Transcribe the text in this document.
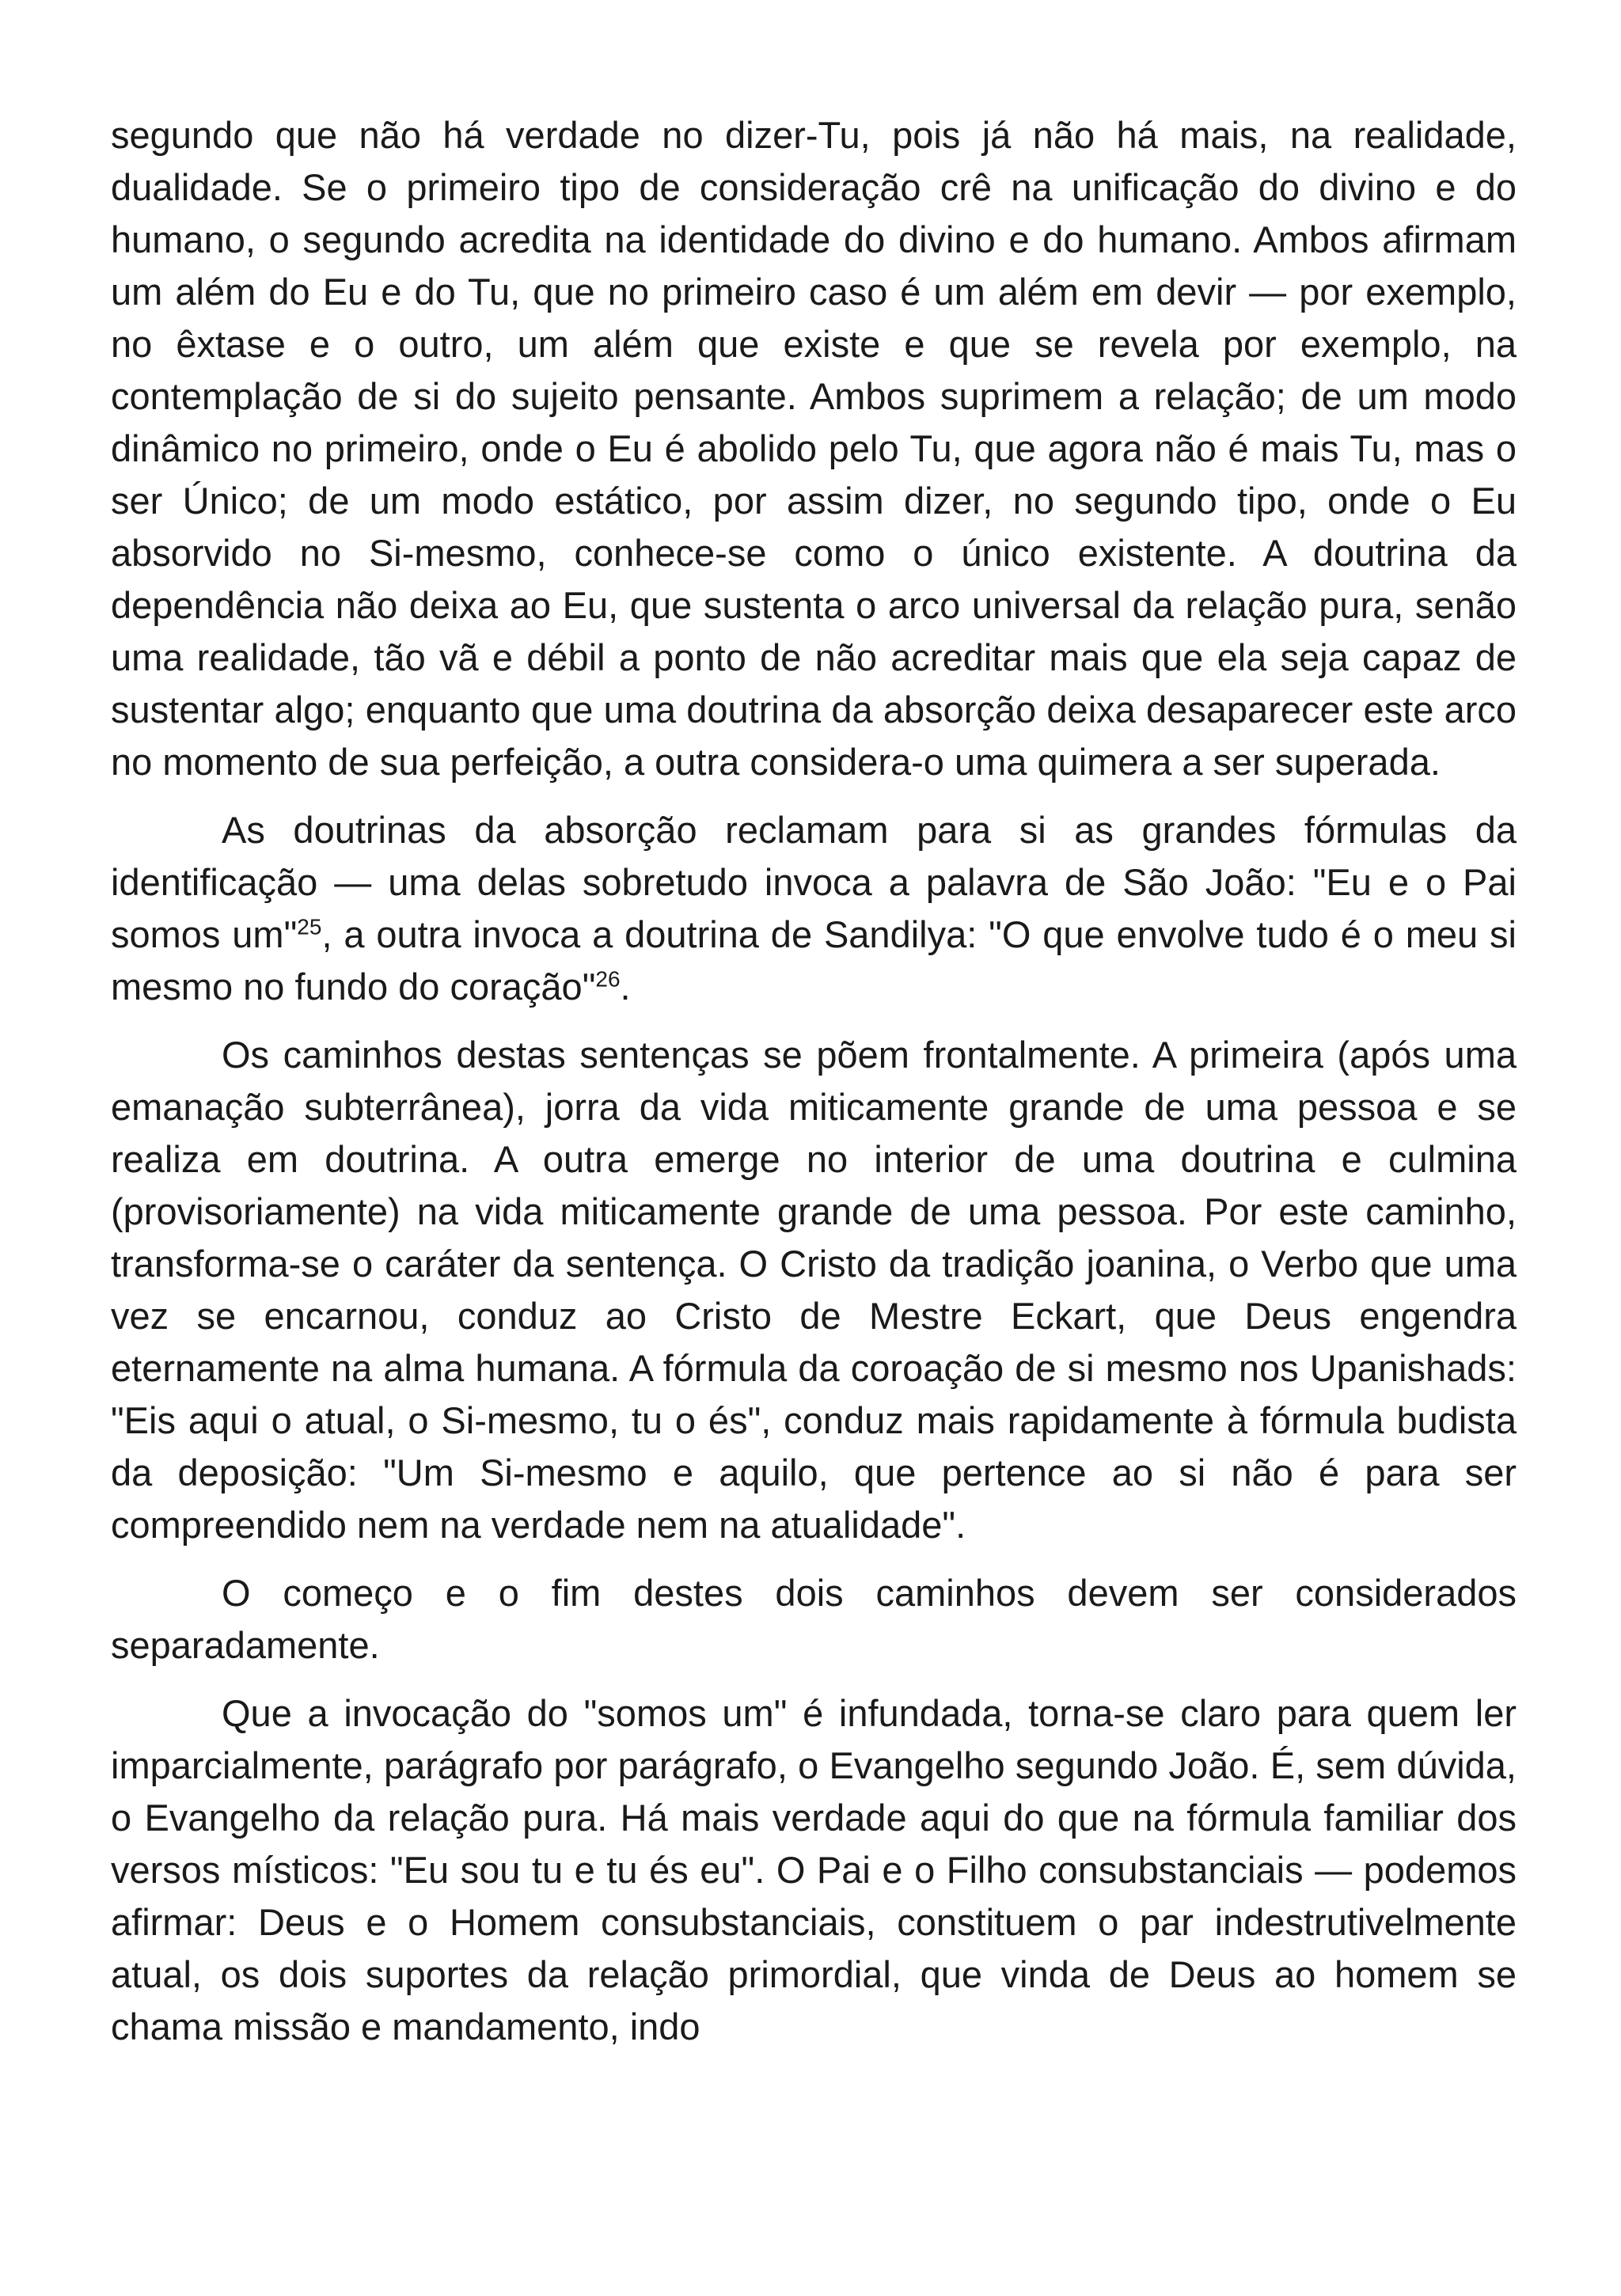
segundo que não há verdade no dizer-Tu, pois já não há mais, na realidade, dualidade. Se o primeiro tipo de consideração crê na unificação do divino e do humano, o segundo acredita na identidade do divino e do humano. Ambos afirmam um além do Eu e do Tu, que no primeiro caso é um além em devir — por exemplo, no êxtase e o outro, um além que existe e que se revela por exemplo, na contemplação de si do sujeito pensante. Ambos suprimem a relação; de um modo dinâmico no primeiro, onde o Eu é abolido pelo Tu, que agora não é mais Tu, mas o ser Único; de um modo estático, por assim dizer, no segundo tipo, onde o Eu absorvido no Si-mesmo, conhece-se como o único existente. A doutrina da dependência não deixa ao Eu, que sustenta o arco universal da relação pura, senão uma realidade, tão vã e débil a ponto de não acreditar mais que ela seja capaz de sustentar algo; enquanto que uma doutrina da absorção deixa desaparecer este arco no momento de sua perfeição, a outra considera-o uma quimera a ser superada.

As doutrinas da absorção reclamam para si as grandes fórmulas da identificação — uma delas sobretudo invoca a palavra de São João: "Eu e o Pai somos um"$^{25}$, a outra invoca a doutrina de Sandilya: "O que envolve tudo é o meu si mesmo no fundo do coração"$^{26}$.

Os caminhos destas sentenças se põem frontalmente. A primeira (após uma emanação subterrânea), jorra da vida miticamente grande de uma pessoa e se realiza em doutrina. A outra emerge no interior de uma doutrina e culmina (provisoriamente) na vida miticamente grande de uma pessoa. Por este caminho, transforma-se o caráter da sentença. O Cristo da tradição joanina, o Verbo que uma vez se encarnou, conduz ao Cristo de Mestre Eckart, que Deus engendra eternamente na alma humana. A fórmula da coroação de si mesmo nos Upanishads: "Eis aqui o atual, o Si-mesmo, tu o és", conduz mais rapidamente à fórmula budista da deposição: "Um Si-mesmo e aquilo, que pertence ao si não é para ser compreendido nem na verdade nem na atualidade".

O começo e o fim destes dois caminhos devem ser considerados separadamente.

Que a invocação do "somos um" é infundada, torna-se claro para quem ler imparcialmente, parágrafo por parágrafo, o Evangelho segundo João. É, sem dúvida, o Evangelho da relação pura. Há mais verdade aqui do que na fórmula familiar dos versos místicos: "Eu sou tu e tu és eu". O Pai e o Filho consubstanciais — podemos afirmar: Deus e o Homem consubstanciais, constituem o par indestrutivelmente atual, os dois suportes da relação primordial, que vinda de Deus ao homem se chama missão e mandamento, indo
